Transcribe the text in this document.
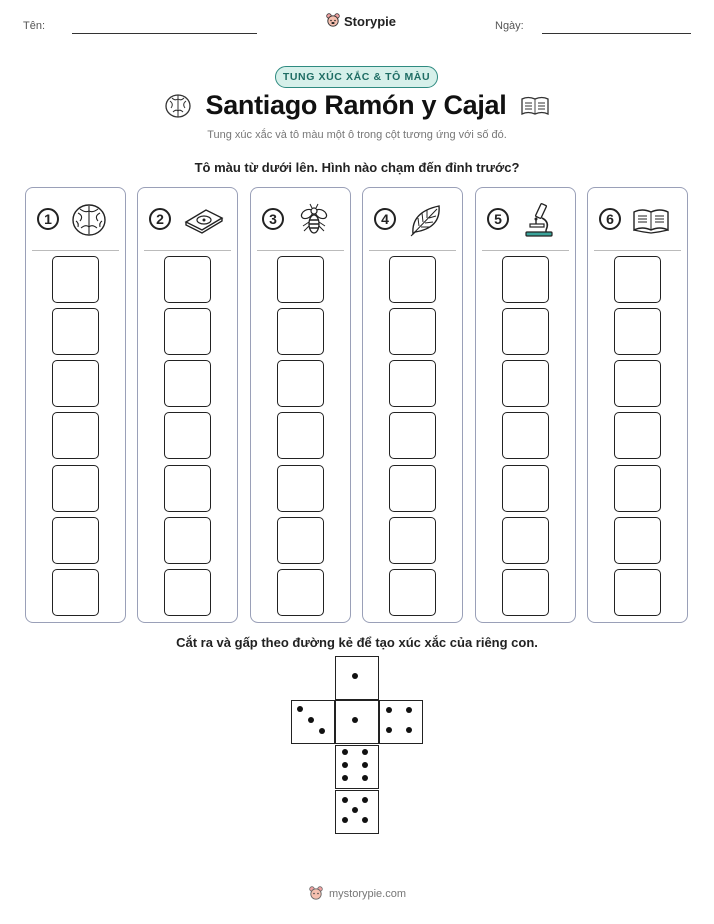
Tên:	Storypie	Ngày:
TUNG XÚC XẮC & TÔ MÀU
Santiago Ramón y Cajal
Tung xúc xắc và tô màu một ô trong cột tương ứng với số đó.
Tô màu từ dưới lên. Hình nào chạm đến đỉnh trước?
1	2	3	4	5	6
Cắt ra và gấp theo đường kẻ để tạo xúc xắc của riêng con.
mystorypie.com
